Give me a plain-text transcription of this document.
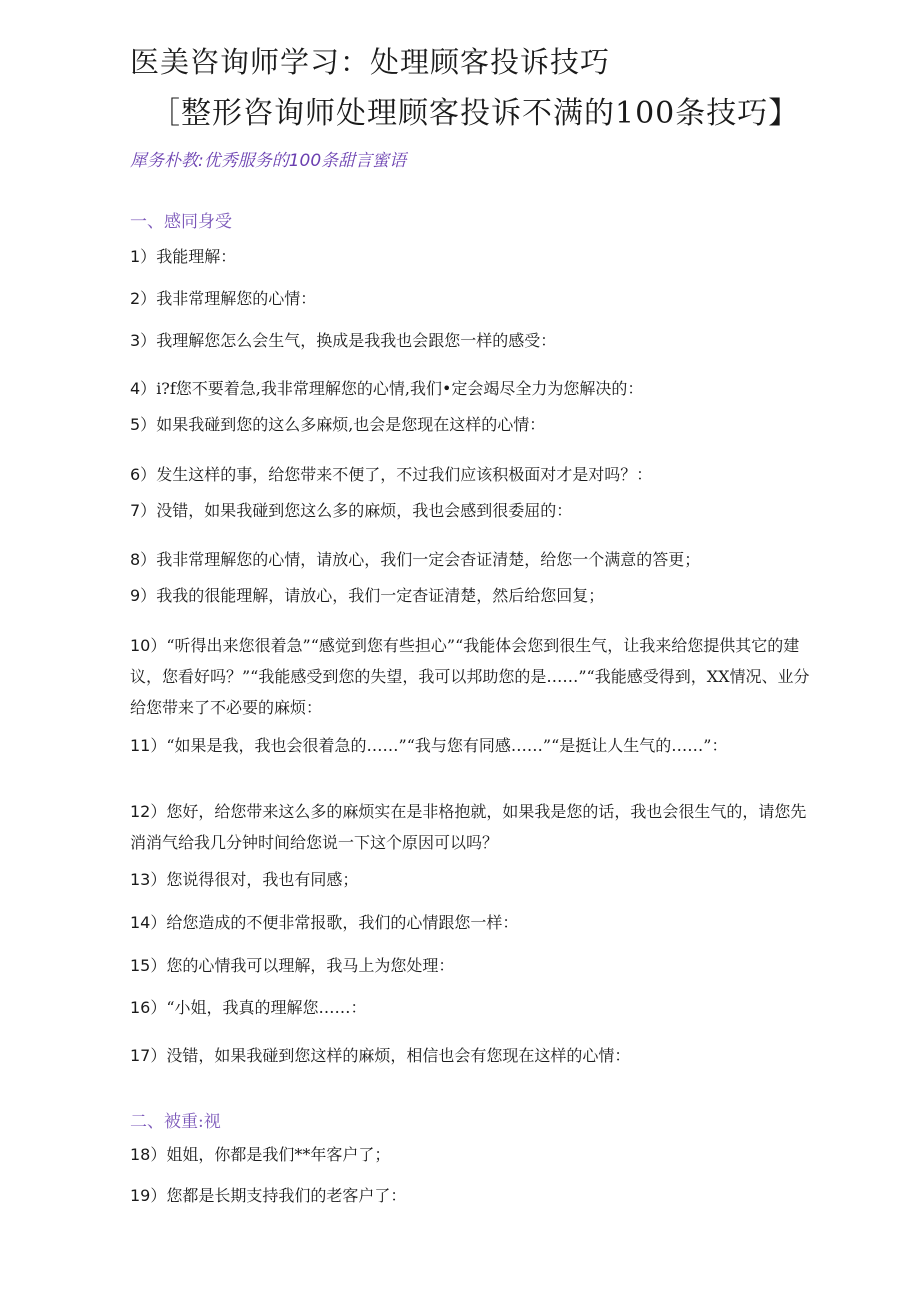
医美咨询师学习：处理顾客投诉技巧
［整形咨询师处理顾客投诉不满的100条技巧】
犀务朴教:优秀服务的100条甜言蜜语
一、感同身受
1）我能理解：
2）我非常理解您的心情：
3）我理解您怎么会生气，换成是我我也会跟您一样的感受：
4）i?f您不要着急,我非常理解您的心情,我们•定会竭尽全力为您解决的：
5）如果我碰到您的这么多麻烦,也会是您现在这样的心情：
6）发生这样的事，给您带来不便了，不过我们应该积极面对才是对吗？：
7）没错，如果我碰到您这么多的麻烦，我也会感到很委屈的：
8）我非常理解您的心情，请放心，我们一定会杳证清楚，给您一个满意的答更；
9）我我的很能理解，请放心，我们一定杳证清楚，然后给您回复；
10）“听得出来您很着急”“感觉到您有些担心”“我能体会您到很生气，让我来给您提供其它的建议，您看好吗？”“我能感受到您的失望，我可以邦助您的是……”“我能感受得到，XX情况、业分给您带来了不必要的麻烦：
11）“如果是我，我也会很着急的……”“我与您有同感……”“是挺让人生气的……”：
12）您好，给您带来这么多的麻烦实在是非格抱就，如果我是您的话，我也会很生气的，请您先消消气给我几分钟时间给您说一下这个原因可以吗？
13）您说得很对，我也有同感；
14）给您造成的不便非常报歌，我们的心情跟您一样：
15）您的心情我可以理解，我马上为您处理：
16）“小姐，我真的理解您……：
17）没错，如果我碰到您这样的麻烦，相信也会有您现在这样的心情：
二、被重:视
18）姐姐，你都是我们**年客户了；
19）您都是长期支持我们的老客户了：
